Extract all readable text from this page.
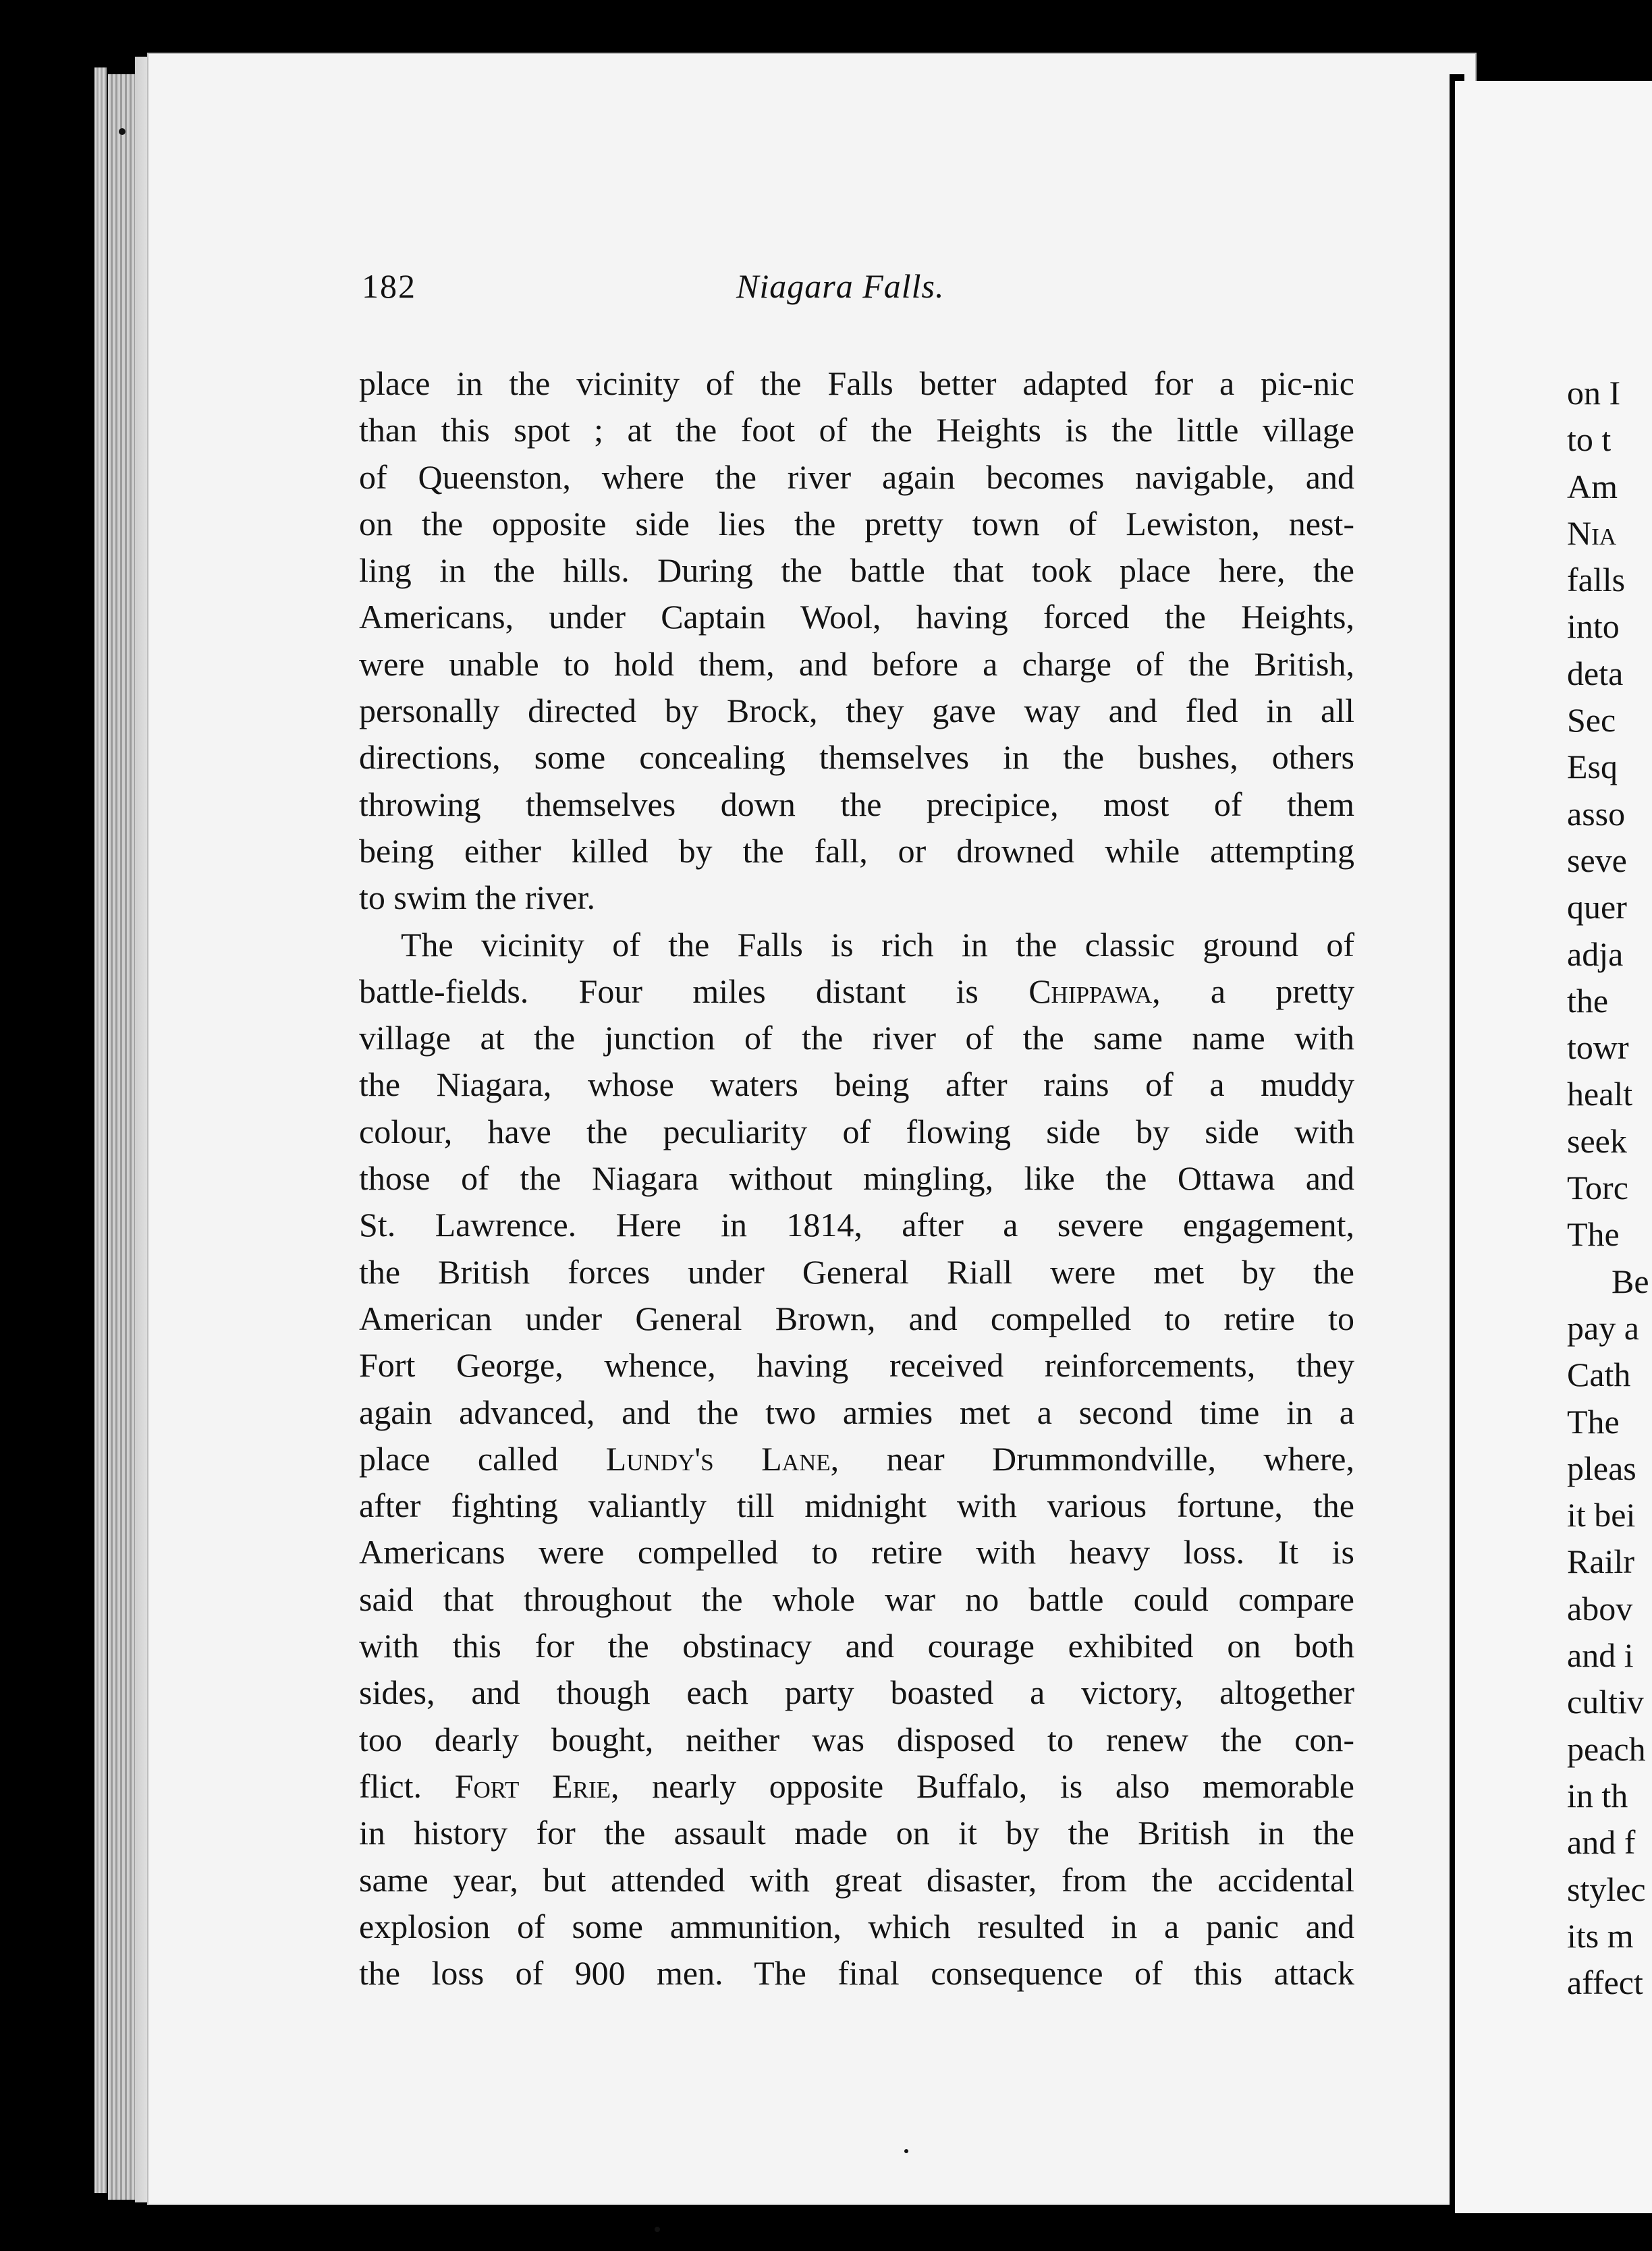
182	Niagara Falls.
place in the vicinity of the Falls better adapted for a pic-nic
than this spot ; at the foot of the Heights is the little village
of Queenston, where the river again becomes navigable, and
on the opposite side lies the pretty town of Lewiston, nest-
ling in the hills. During the battle that took place here, the
Americans, under Captain Wool, having forced the Heights,
were unable to hold them, and before a charge of the British,
personally directed by Brock, they gave way and fled in all
directions, some concealing themselves in the bushes, others
throwing themselves down the precipice, most of them
being either killed by the fall, or drowned while attempting
to swim the river.
The vicinity of the Falls is rich in the classic ground of
battle-fields. Four miles distant is Chippawa, a pretty
village at the junction of the river of the same name with
the Niagara, whose waters being after rains of a muddy
colour, have the peculiarity of flowing side by side with
those of the Niagara without mingling, like the Ottawa and
St. Lawrence. Here in 1814, after a severe engagement,
the British forces under General Riall were met by the
American under General Brown, and compelled to retire to
Fort George, whence, having received reinforcements, they
again advanced, and the two armies met a second time in a
place called Lundy's Lane, near Drummondville, where,
after fighting valiantly till midnight with various fortune, the
Americans were compelled to retire with heavy loss. It is
said that throughout the whole war no battle could compare
with this for the obstinacy and courage exhibited on both
sides, and though each party boasted a victory, altogether
too dearly bought, neither was disposed to renew the con-
flict. Fort Erie, nearly opposite Buffalo, is also memorable
in history for the assault made on it by the British in the
same year, but attended with great disaster, from the accidental
explosion of some ammunition, which resulted in a panic and
the loss of 900 men. The final consequence of this attack
on I
to t
Am
Nia
falls
into
deta
Sec
Esq
asso
seve
quer
adja
the
towr
healt
seek
Torc
The
Be
pay a
Cath
The
pleas
it bei
Railr
abov
and i
cultiv
peach
in th
and f
stylec
its m
affect
